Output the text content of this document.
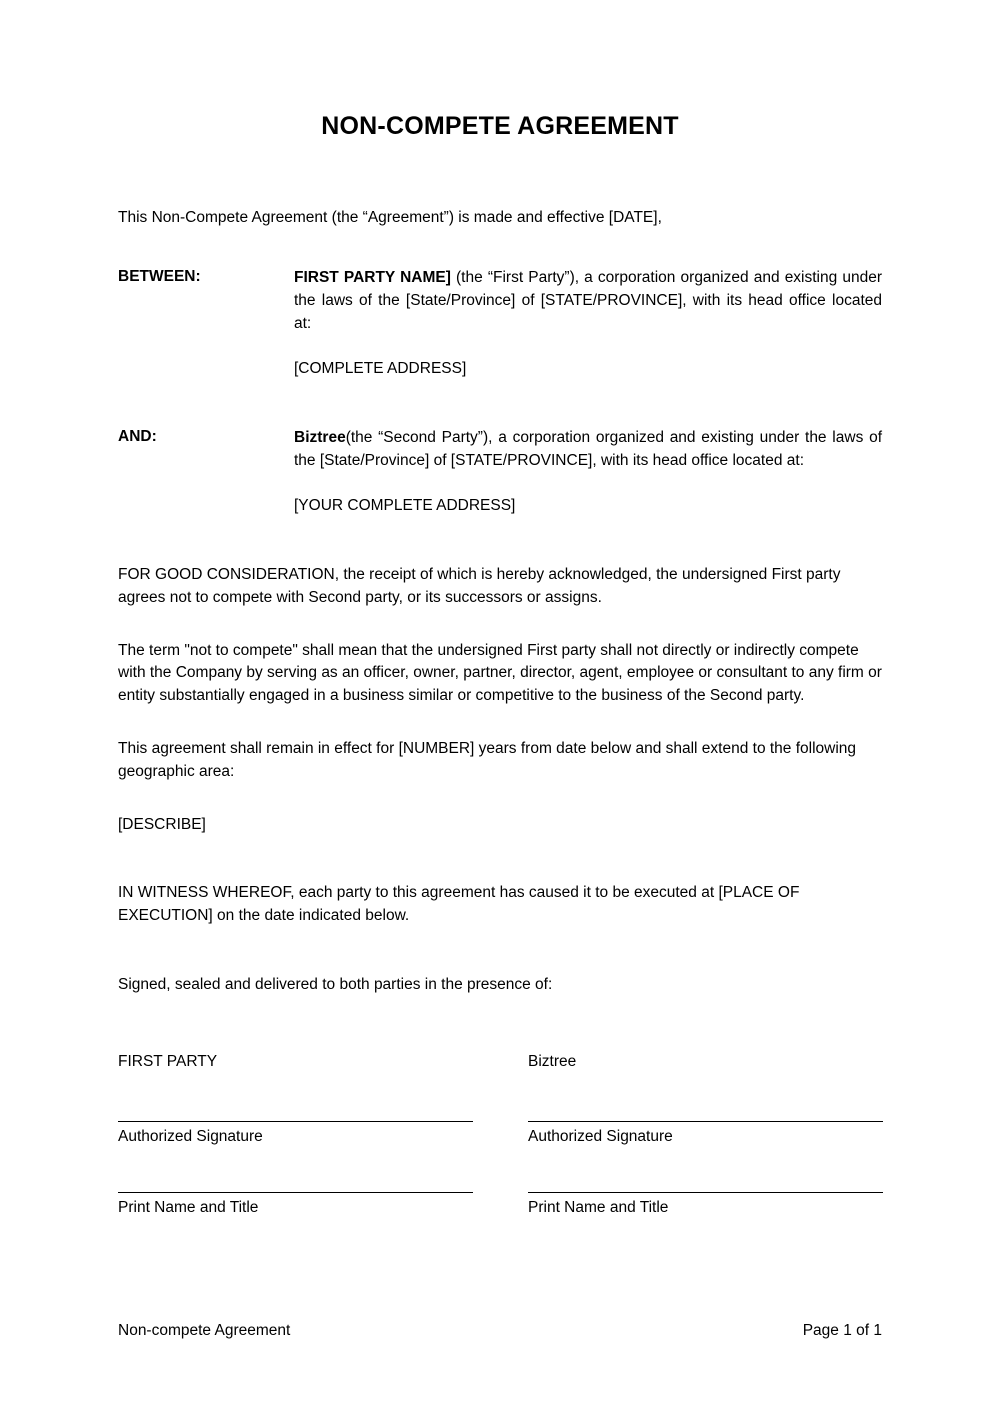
NON-COMPETE AGREEMENT

This Non-Compete Agreement (the “Agreement”) is made and effective [DATE],

BETWEEN:	FIRST PARTY NAME] (the “First Party”), a corporation organized and existing under the laws of the [State/Province] of [STATE/PROVINCE], with its head office located at:
[COMPLETE ADDRESS]
AND:	Biztree(the “Second Party”), a corporation organized and existing under the laws of the [State/Province] of [STATE/PROVINCE], with its head office located at:
[YOUR COMPLETE ADDRESS]

FOR GOOD CONSIDERATION, the receipt of which is hereby acknowledged, the undersigned First party agrees not to compete with Second party, or its successors or assigns.

The term "not to compete" shall mean that the undersigned First party shall not directly or indirectly compete with the Company by serving as an officer, owner, partner, director, agent, employee or consultant to any firm or entity substantially engaged in a business similar or competitive to the business of the Second party.

This agreement shall remain in effect for [NUMBER] years from date below and shall extend to the following geographic area:

[DESCRIBE]

IN WITNESS WHEREOF, each party to this agreement has caused it to be executed at [PLACE OF EXECUTION] on the date indicated below.

Signed, sealed and delivered to both parties in the presence of:

FIRST PARTY	Biztree
Authorized Signature	Authorized Signature
Print Name and Title	Print Name and Title
Non-compete Agreement	Page 1 of 1
